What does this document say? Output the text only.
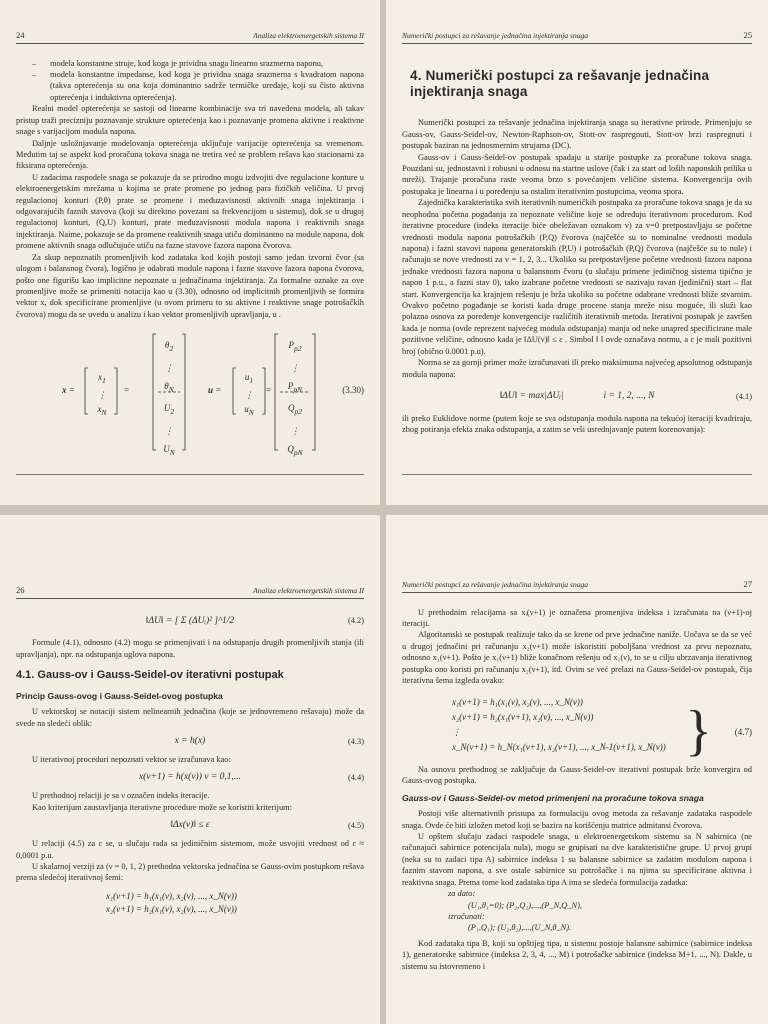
24	Analiza elektroenergetskih sistema II
–	modela konstantne struje, kod koga je prividna snaga linearno srazmerna naponu,

–	modela konstantne impedanse, kod koga je prividna snaga srazmerna s kvadratom napona (takva opterećenja su ona koja dominantno sadrže termičke uređaje, koji su čisto aktivna opterećenja i induktivna opterećenja).

Realni model opterećenja se sastoji od linearne kombinacije sva tri navedena modela, ali takav pristup traži precizniju poznavanje strukture opterećenja kao i poznavanje promena aktivne i reaktivne snage s varijacijom modula napona.

Daljnje usložnjavanje modelovanja opterećenja uključuje varijacije opterećenja sa vremenom. Međutim taj se aspekt kod proračuna tokova snaga ne tretira već se problem rešava kao stacionarni za fiksirana opterećenja.

U zadacima raspodele snaga se pokazuje da se prirodno mogu izdvojiti dve regulacione konture u elektroenergetskim mrežama u kojima se prate promene po jednog para fizičkih veličina. U prvoj regulacionoj konturi (P,θ) prate se promene i međuzavisnosti aktivnih snaga injektiranja i odgovarajućih faznih stavova (koji su direktno povezani sa frekvencijom u sistemu), dok se u drugoj regulacionoj konturi, (Q,U) konturi, prate međuzavisnosti modula napona i reaktivnih snaga injektiranja. Naime, pokazuje se da promene reaktivnih snaga utiču dominantno na module napona, dok promene aktivnih snaga odlučujuće utiču na fazne stavove fazora napona čvorova.

Za skup nepoznatih promenljivih kod zadataka kod kojih postoji samo jedan izvorni čvor (sa ulogom i balansnog čvora), logično je odabrati module napona i fazne stavove fazora napona čvorova, pošto one figurišu kao implicitne nepoznate u jednačinama injektiranja. Za formalne oznake za ove promenljive može se primeniti notacija kao u (3.30), odnosno od implicitnih promenljivih se formira vektor x, dok specificirane promenljive (u ovom primeru to su aktivne i reaktivne snage potrošačkih čvorova) mogu da se uvedu u analizu i kao vektor promenljivih upravljanja, u .

x =
$x_1$
⋮
$x_N$
=
$\theta_2$
⋮
$\theta_N$
$U_2$
⋮
$U_N$
u =
$u_1$
⋮
$u_N$
=
$P_{p2}$
⋮
$P_{pN}$
$Q_{p2}$
⋮
$Q_{pN}$
(3.30)
Numerički postupci za rešavanje jednačina injektiranja snaga	25
4. Numerički postupci za rešavanje jednačina injektiranja snaga

Numerički postupci za rešavanje jednačina injektiranja snaga su iterativne prirode. Primenjuju se Gauss-ov, Gauss-Seidel-ov, Newton-Raphson-ov, Stott-ov raspregnuti, Stott-ov brzi raspregnuti i postupak baziran na jednosmernim strujama (DC).

Gauss-ov i Gauss-Seidel-ov postupak spadaju u starije postupke za proračune tokova snaga. Pouzdani su, jednostavni i robusni u odnosu na startne uslove (čak i za start od loših naponskih prilika u mreži). Trajanje proračuna raste veoma brzo s povećanjem veličine sistema. Konvergencija ovih postupaka je linearna i u poređenju sa ostalim iterativnim postupcima, veoma spora.

Zajednička karakteristika svih iterativnih numeričkih postupaka za proračune tokova snaga je da su neophodna početna pogađanja za nepoznate veličine koje se određuju iterativnom procedurom. Kod iterativne procedure (indeks iteracije biće obeležavan oznakom v) za v=0 pretpostavljaju se početne vrednosti modula napona potrošačkih (P,Q) čvorova (najčešće su to nominalne vrednosti modula napona) i fazni stavovi napona generatorskih (P,U) i potrošačkih (P,Q) čvorova (najčešće su to nule) i računaju se nove vrednosti za v = 1, 2, 3... Ukoliko su pretpostavljene početne vrednosti fazora napona jednake vrednosti fazora napona u balansnom čvoru (u slučaju primene jediničnog sistema tipično je napon 1 p.u., a fazni stav 0), tako izabrane početne vrednosti se nazivaju ravan (jedinični) start – flat start. Konvergencija ka krajnjem rešenju je brža ukoliko su početne odabrane vrednosti bliže stvarnim. Ovakvo početno pogađanje se koristi kada druge procene stanja mreže nisu moguće, ili služi kao polazna osnova za poređenje konvergencije različitih iterativnih metoda. Iterativni postupak je završen kada je norma (ovde reprezent najvećeg modula odstupanja) manja od neke unapred specificirane male pozitivne veličine, odnosno kada je ‖ΔU(ν)‖ ≤ ε . Simbol ‖ ‖ ovde označava normu, a ε je mali pozitivni broj (obično 0.0001 p.u).

Norma se za gornji primer može izračunavati ili preko maksimuma najvećeg apsolutnog odstupanja modula napona:

‖ΔU‖ = max|ΔUᵢ|	i = 1, 2, ..., N	(4.1)

ili preko Euklidove norme (putem koje se sva odstupanja modula napona na tekućoj iteraciji kvadriraju, zbog potiranja efekta znaka odstupanja, a zatim se vrši usrednjavanje putem korenovanja):

26	Analiza elektroenergetskih sistema II
‖ΔU‖ = [ Σ (ΔUᵢ)² ]^1/2	(4.2)

Formule (4.1), odnosno (4.2) mogu se primenjivati i na odstupanja drugih promenljivih stanja (ili upravljanja), npr. na odstupanja uglova napona.

4.1. Gauss-ov i Gauss-Seidel-ov iterativni postupak
Princip Gauss-ovog i Gauss-Seidel-ovog postupka

U vektorskoj se notaciji sistem nelinearnih jednačina (koje se jednovremeno rešavaju) može da svede na sledeći oblik:

x = h(x)	(4.3)

U iterativnoj proceduri nepoznati vektor se izračunava kao:

x(ν+1) = h(x(ν)) ν = 0,1,...	(4.4)

U prethodnoj relaciji je sa ν označen indeks iteracije.

Kao kriterijum zaustavljanja iterativne procedure može se koristiti kriterijum:

‖Δx(ν)‖ ≤ ε	(4.5)

U relaciji (4.5) za ε se, u slučaju rada sa jediničnim sistemom, može usvojiti vrednost od ε ≈ 0,0001 p.u.

U skalarnoj verziji za (ν = 0, 1, 2) prethodna vektorska jednačina se Gauss-ovim postupkom rešava prema sledećoj iterativnoj šemi:

x₁(ν+1) = h₁(x₁(ν), x₂(ν), ..., x_N(ν))
x₂(ν+1) = h₂(x₁(ν), x₂(ν), ..., x_N(ν))
Numerički postupci za rešavanje jednačina injektiranja snaga	27

U prethodnim relacijama sa xᵢ(ν+1) je označena promenjiva indeksa i izračunata na (ν+1)-oj iteraciji.

Algoritamski se postupak realizuje tako da se krene od prve jednačine naniže. Uočava se da se već u drugoj jednačini pri računanju x₂(ν+1) može iskoristiti poboljšana vrednost za prvu nepoznatu, odnosno x₁(ν+1). Pošto je x₁(ν+1) bliže konačnom rešenju od x₁(ν), to se u cilju ubrzavanja iterativnog postupka ono koristi pri računanju x₂(ν+1), itd. Ovim se već prelazi na Gauss-Seidel-ov postupak, čija iterativna šema izgleda ovako:

x₁(ν+1) = h₁(x₁(ν), x₂(ν), ..., x_N(ν))
x₂(ν+1) = h₂(x₁(ν+1), x₂(ν), ..., x_N(ν))
⋮
x_N(ν+1) = h_N(x₁(ν+1), x₂(ν+1), ..., x_N-1(ν+1), x_N(ν)) }	(4.7)

Na osnovu prethodnog se zaključuje da Gauss-Seidel-ov iterativni postupak brže konvergira od Gauss-ovog postupka.

Gauss-ov i Gauss-Seidel-ov metod primenjeni na proračune tokova snaga

Postoji više alternativnih pristupa za formulaciju ovog metoda za rešavanje zadataka raspodele snaga. Ovde će biti izložen metod koji se bazira na korišćenju matrice admitansi čvorova.

U opštem slučaju zadaci raspodele snaga, u elektroenergetskom sistemu sa N sabirnica (ne računajući sabirnice potencijala nula), mogu se grupisati na dve karakteristične grupe. U prvoj grupi (neka su to zadaci tipa A) sabirnice indeksa 1 su balansne sabirnice sa zadatim modulom napona i faznim stavom napona, a sve ostale sabirnice su potrošačke i na njima su specificirane aktivna i reaktivna snaga. Prema tome kod zadataka tipa A ima se sledeća formulacija zadatka:

za dato:
(U₁,θ₁=0); (P₂,Q₂),...,(P_N,Q_N),
izračunati:
(P₁,Q₁); (U₂,θ₂),...,(U_N,θ_N).

Kod zadataka tipa B, koji su opštijeg tipa, u sistemu postoje balansne sabirnice (sabirnice indeksa 1), generatorske sabirnice (indeksa 2, 3, 4, ..., M) i potrošačke sabirnice (indeksa M+1, ..., N). Dakle, u sistemu su istovremeno i
